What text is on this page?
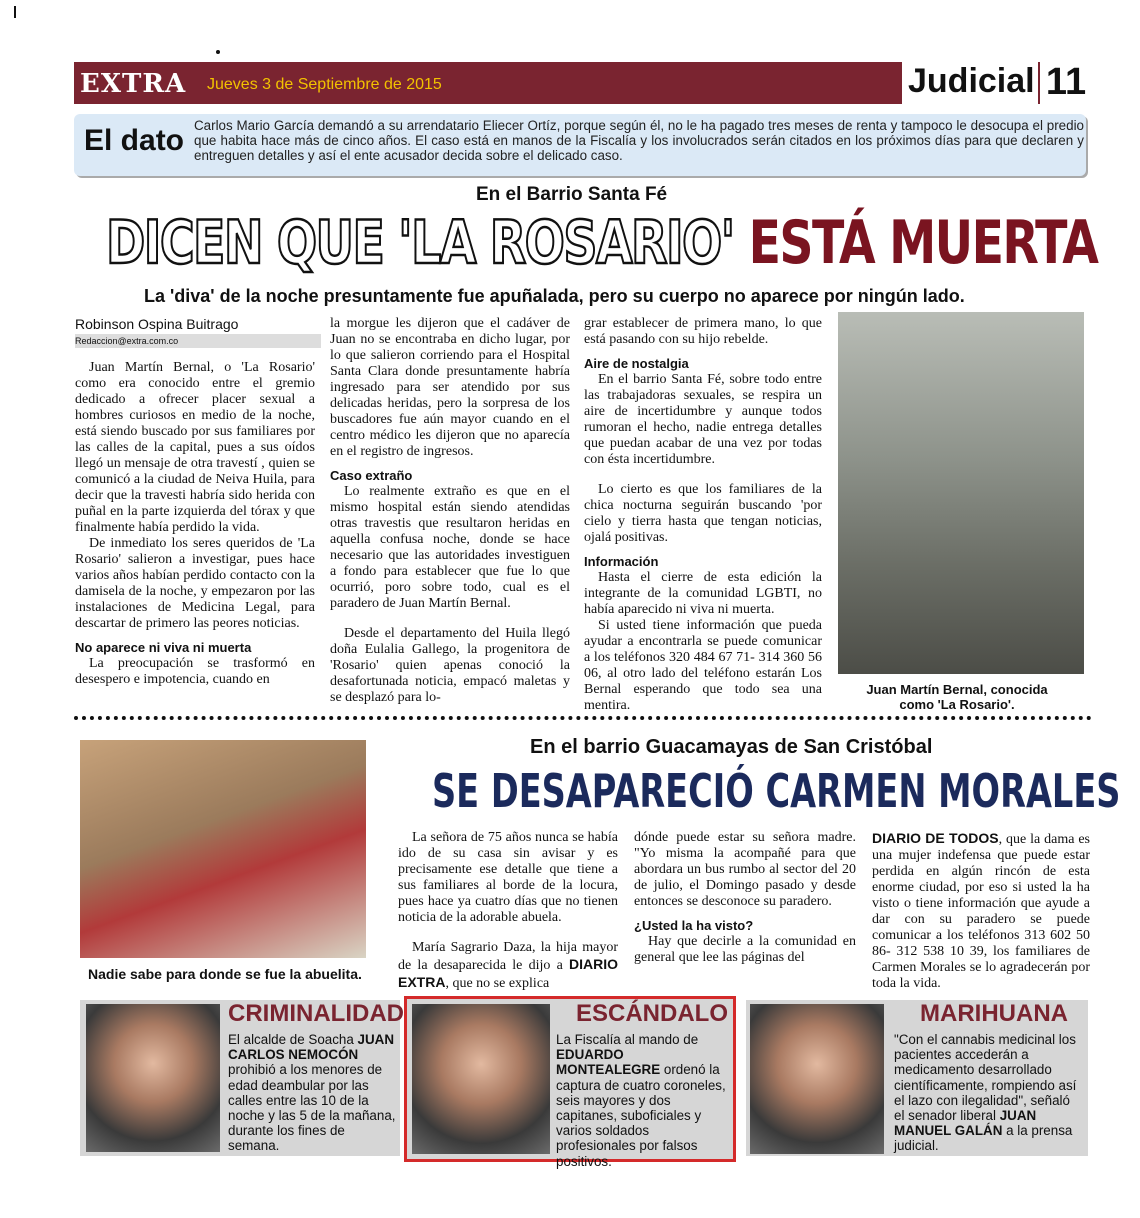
EXTRA Jueves 3 de Septiembre de 2015	Judicial 11
El dato Carlos Mario García demandó a su arrendatario Eliecer Ortíz, porque según él, no le ha pagado tres meses de renta y tampoco le desocupa el predio que habita hace más de cinco años. El caso está en manos de la Fiscalía y los involucrados serán citados en los próximos días para que declaren y entreguen detalles y así el ente acusador decida sobre el delicado caso.
En el Barrio Santa Fé
DICEN QUE 'LA ROSARIO' ESTÁ MUERTA
La 'diva' de la noche presuntamente fue apuñalada, pero su cuerpo no aparece por ningún lado.
Robinson Ospina Buitrago
Redaccion@extra.com.co

Juan Martín Bernal, o 'La Rosario' como era conocido entre el gremio dedicado a ofrecer placer sexual a hombres curiosos en medio de la noche, está siendo buscado por sus familiares por las calles de la capital, pues a sus oídos llegó un mensaje de otra travestí , quien se comunicó a la ciudad de Neiva Huila, para decir que la travesti habría sido herida con puñal en la parte izquierda del tórax y que finalmente había perdido la vida.

De inmediato los seres queridos de 'La Rosario' salieron a investigar, pues hace varios años habían perdido contacto con la damisela de la noche, y empezaron por las instalaciones de Medicina Legal, para descartar de primero las peores noticias.

No aparece ni viva ni muerta

La preocupación se trasformó en desespero e impotencia, cuando en

la morgue les dijeron que el cadáver de Juan no se encontraba en dicho lugar, por lo que salieron corriendo para el Hospital Santa Clara donde presuntamente habría ingresado para ser atendido por sus delicadas heridas, pero la sorpresa de los buscadores fue aún mayor cuando en el centro médico les dijeron que no aparecía en el registro de ingresos.

Caso extraño

Lo realmente extraño es que en el mismo hospital están siendo atendidas otras travestis que resultaron heridas en aquella confusa noche, donde se hace necesario que las autoridades investiguen a fondo para establecer que fue lo que ocurrió, poro sobre todo, cual es el paradero de Juan Martín Bernal.

Desde el departamento del Huila llegó doña Eulalia Gallego, la progenitora de 'Rosario' quien apenas conoció la desafortunada noticia, empacó maletas y se desplazó para lo-

grar establecer de primera mano, lo que está pasando con su hijo rebelde.

Aire de nostalgia

En el barrio Santa Fé, sobre todo entre las trabajadoras sexuales, se respira un aire de incertidumbre y aunque todos rumoran el hecho, nadie entrega detalles que puedan acabar de una vez por todas con ésta incertidumbre.

Lo cierto es que los familiares de la chica nocturna seguirán buscando 'por cielo y tierra hasta que tengan noticias, ojalá positivas.

Información

Hasta el cierre de esta edición la integrante de la comunidad LGBTI, no había aparecido ni viva ni muerta.

Si usted tiene información que pueda ayudar a encontrarla se puede comunicar a los teléfonos 320 484 67 71- 314 360 56 06, al otro lado del teléfono estarán Los Bernal esperando que todo sea una mentira.

Juan Martín Bernal, conocida como 'La Rosario'.
Nadie sabe para donde se fue la abuelita.
En el barrio Guacamayas de San Cristóbal
SE DESAPARECIÓ CARMEN MORALES

La señora de 75 años nunca se había ido de su casa sin avisar y es precisamente ese detalle que tiene a sus familiares al borde de la locura, pues hace ya cuatro días que no tienen noticia de la adorable abuela.

María Sagrario Daza, la hija mayor de la desaparecida le dijo a DIARIO EXTRA, que no se explica

dónde puede estar su señora madre. "Yo misma la acompañé para que abordara un bus rumbo al sector del 20 de julio, el Domingo pasado y desde entonces se desconoce su paradero.

¿Usted la ha visto?

Hay que decirle a la comunidad en general que lee las páginas del

DIARIO DE TODOS, que la dama es una mujer indefensa que puede estar perdida en algún rincón de esta enorme ciudad, por eso si usted la ha visto o tiene información que ayude a dar con su paradero se puede comunicar a los teléfonos 313 602 50 86- 312 538 10 39, los familiares de Carmen Morales se lo agradecerán por toda la vida.

CRIMINALIDAD
El alcalde de Soacha JUAN CARLOS NEMOCÓN prohibió a los menores de edad deambular por las calles entre las 10 de la noche y las 5 de la mañana, durante los fines de semana.
ESCÁNDALO
La Fiscalía al mando de EDUARDO MONTEALEGRE ordenó la captura de cuatro coroneles, seis mayores y dos capitanes, suboficiales y varios soldados profesionales por falsos positivos.
MARIHUANA
"Con el cannabis medicinal los pacientes accederán a medicamento desarrollado científicamente, rompiendo así el lazo con ilegalidad", señaló el senador liberal JUAN MANUEL GALÁN a la prensa judicial.
